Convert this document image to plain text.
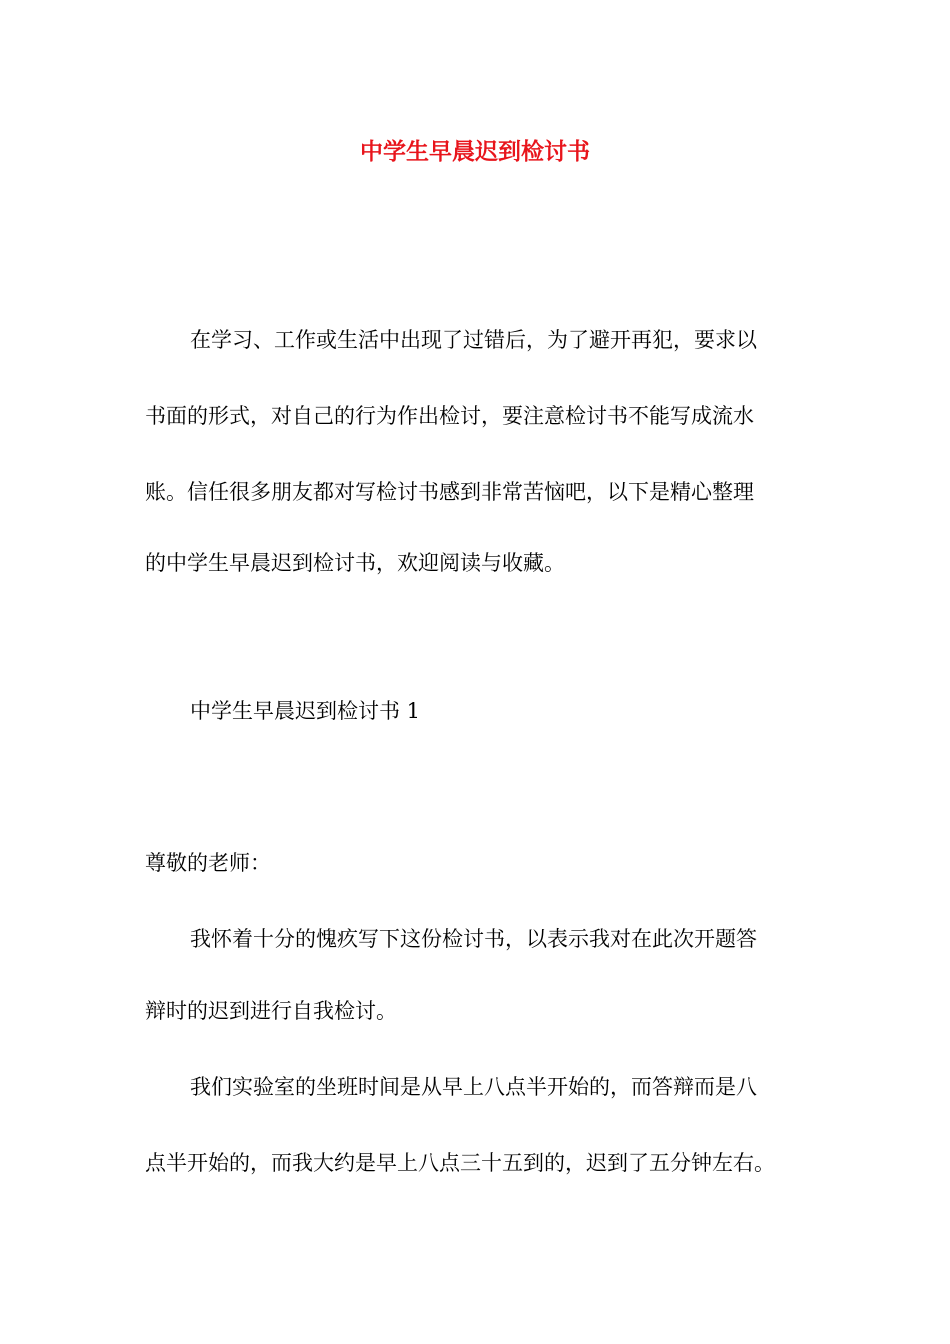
中学生早晨迟到检讨书

在学习、工作或生活中出现了过错后，为了避开再犯，要求以

书面的形式，对自己的行为作出检讨，要注意检讨书不能写成流水

账。信任很多朋友都对写检讨书感到非常苦恼吧，以下是精心整理

的中学生早晨迟到检讨书，欢迎阅读与收藏。

中学生早晨迟到检讨书 1

尊敬的老师：

我怀着十分的愧疚写下这份检讨书，以表示我对在此次开题答

辩时的迟到进行自我检讨。

我们实验室的坐班时间是从早上八点半开始的，而答辩而是八

点半开始的，而我大约是早上八点三十五到的，迟到了五分钟左右。
